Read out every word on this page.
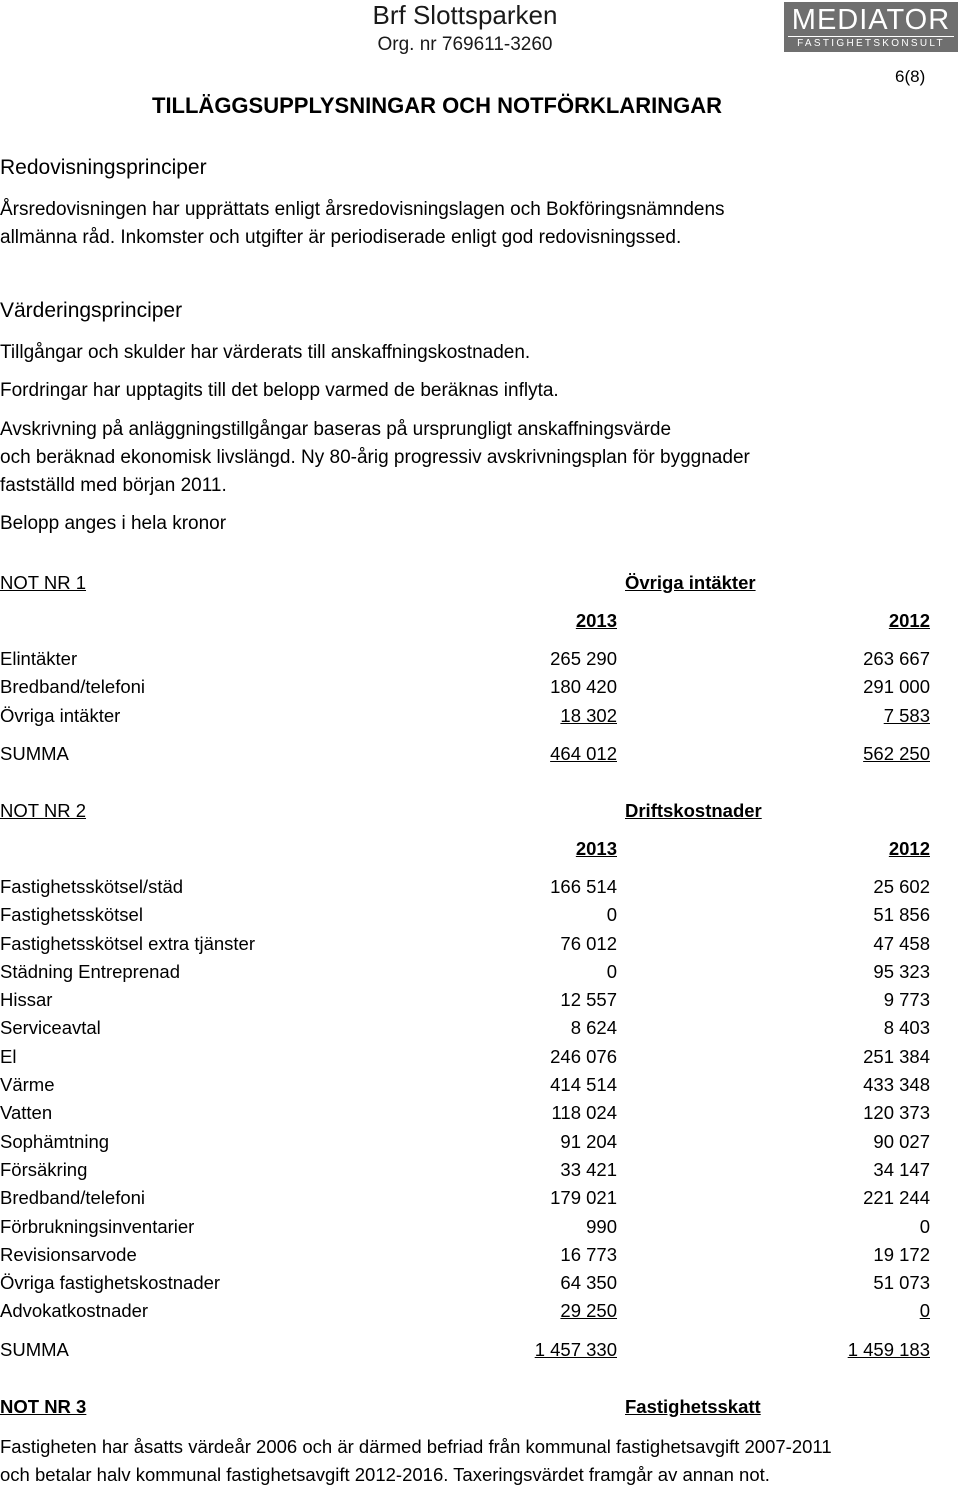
Brf Slottsparken
Org. nr 769611-3260
MEDIATOR
FASTIGHETSKONSULT
6(8)
TILLÄGGSUPPLYSNINGAR OCH NOTFÖRKLARINGAR
Redovisningsprinciper
Årsredovisningen har upprättats enligt årsredovisningslagen och Bokföringsnämndens
allmänna råd. Inkomster och utgifter är periodiserade enligt god redovisningssed.
Värderingsprinciper
Tillgångar och skulder har värderats till anskaffningskostnaden.
Fordringar har upptagits till det belopp varmed de beräknas inflyta.
Avskrivning på anläggningstillgångar baseras på ursprungligt anskaffningsvärde
och beräknad ekonomisk livslängd. Ny 80-årig progressiv avskrivningsplan för byggnader
fastställd med början 2011.
Belopp anges i hela kronor
NOT NR 1	Övriga intäkter
2013	2012
Elintäkter	265 290	263 667
Bredband/telefoni	180 420	291 000
Övriga intäkter	18 302	7 583
SUMMA	464 012	562 250
NOT NR 2	Driftskostnader
2013	2012
Fastighetsskötsel/städ	166 514	25 602
Fastighetsskötsel	0	51 856
Fastighetsskötsel extra tjänster	76 012	47 458
Städning Entreprenad	0	95 323
Hissar	12 557	9 773
Serviceavtal	8 624	8 403
El	246 076	251 384
Värme	414 514	433 348
Vatten	118 024	120 373
Sophämtning	91 204	90 027
Försäkring	33 421	34 147
Bredband/telefoni	179 021	221 244
Förbrukningsinventarier	990	0
Revisionsarvode	16 773	19 172
Övriga fastighetskostnader	64 350	51 073
Advokatkostnader	29 250	0
SUMMA	1 457 330	1 459 183
NOT NR 3	Fastighetsskatt
Fastigheten har åsatts värdeår 2006 och är därmed befriad från kommunal fastighetsavgift 2007-2011
och betalar halv kommunal fastighetsavgift 2012-2016. Taxeringsvärdet framgår av annan not.
